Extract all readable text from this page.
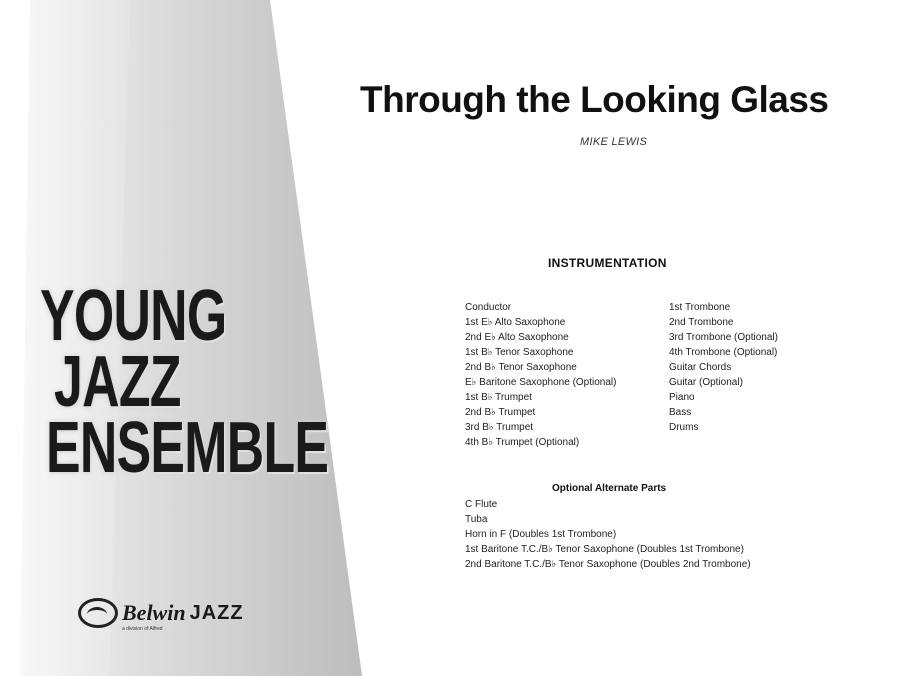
YOUNG
JAZZ
ENSEMBLE
Belwin JAZZ
a division of Alfred
Through the Looking Glass
MIKE LEWIS
INSTRUMENTATION
Conductor
1st E♭ Alto Saxophone
2nd E♭ Alto Saxophone
1st B♭ Tenor Saxophone
2nd B♭ Tenor Saxophone
E♭ Baritone Saxophone (Optional)
1st B♭ Trumpet
2nd B♭ Trumpet
3rd B♭ Trumpet
4th B♭ Trumpet (Optional)
1st Trombone
2nd Trombone
3rd Trombone (Optional)
4th Trombone (Optional)
Guitar Chords
Guitar (Optional)
Piano
Bass
Drums
Optional Alternate Parts
C Flute
Tuba
Horn in F (Doubles 1st Trombone)
1st Baritone T.C./B♭ Tenor Saxophone (Doubles 1st Trombone)
2nd Baritone T.C./B♭ Tenor Saxophone (Doubles 2nd Trombone)
